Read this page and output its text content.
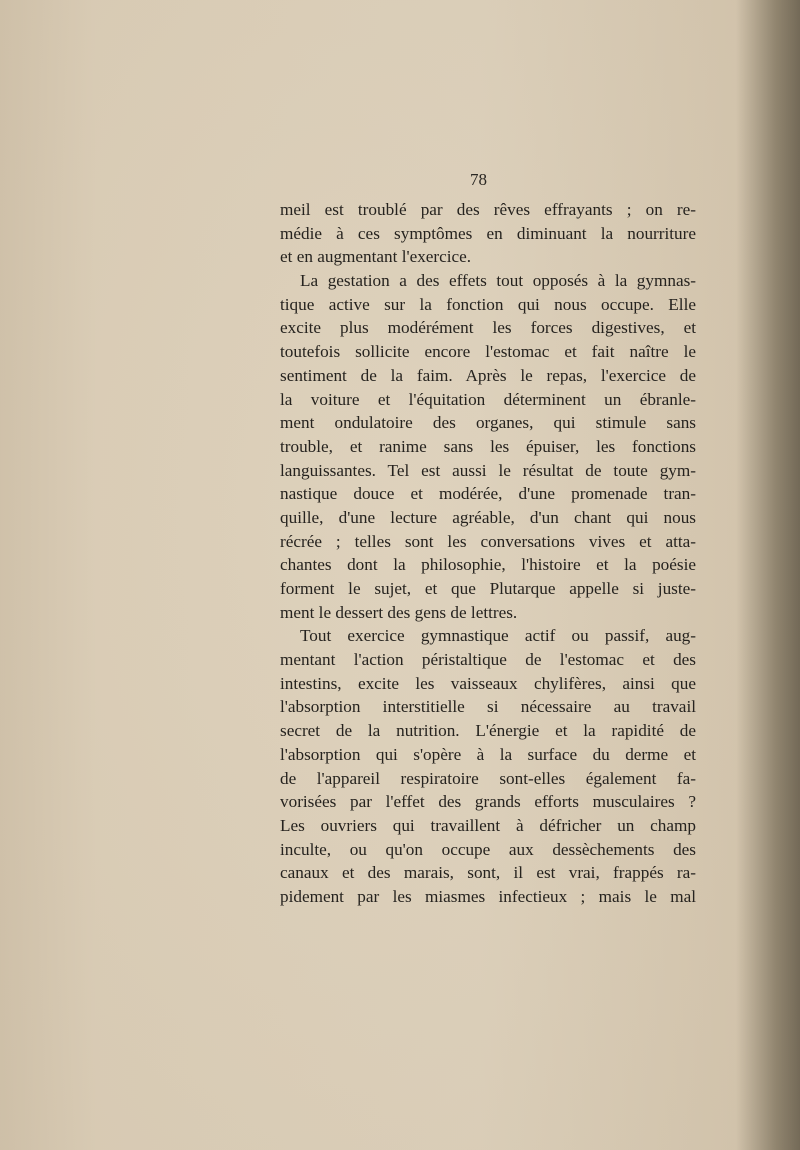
78
meil est troublé par des rêves effrayants ; on re-
médie à ces symptômes en diminuant la nourriture
et en augmentant l'exercice.
La gestation a des effets tout opposés à la gymnas-
tique active sur la fonction qui nous occupe. Elle
excite plus modérément les forces digestives, et
toutefois sollicite encore l'estomac et fait naître le
sentiment de la faim. Après le repas, l'exercice de
la voiture et l'équitation déterminent un ébranle-
ment ondulatoire des organes, qui stimule sans
trouble, et ranime sans les épuiser, les fonctions
languissantes. Tel est aussi le résultat de toute gym-
nastique douce et modérée, d'une promenade tran-
quille, d'une lecture agréable, d'un chant qui nous
récrée ; telles sont les conversations vives et atta-
chantes dont la philosophie, l'histoire et la poésie
forment le sujet, et que Plutarque appelle si juste-
ment le dessert des gens de lettres.
Tout exercice gymnastique actif ou passif, aug-
mentant l'action péristaltique de l'estomac et des
intestins, excite les vaisseaux chylifères, ainsi que
l'absorption interstitielle si nécessaire au travail
secret de la nutrition. L'énergie et la rapidité de
l'absorption qui s'opère à la surface du derme et
de l'appareil respiratoire sont-elles également fa-
vorisées par l'effet des grands efforts musculaires ?
Les ouvriers qui travaillent à défricher un champ
inculte, ou qu'on occupe aux dessèchements des
canaux et des marais, sont, il est vrai, frappés ra-
pidement par les miasmes infectieux ; mais le mal
